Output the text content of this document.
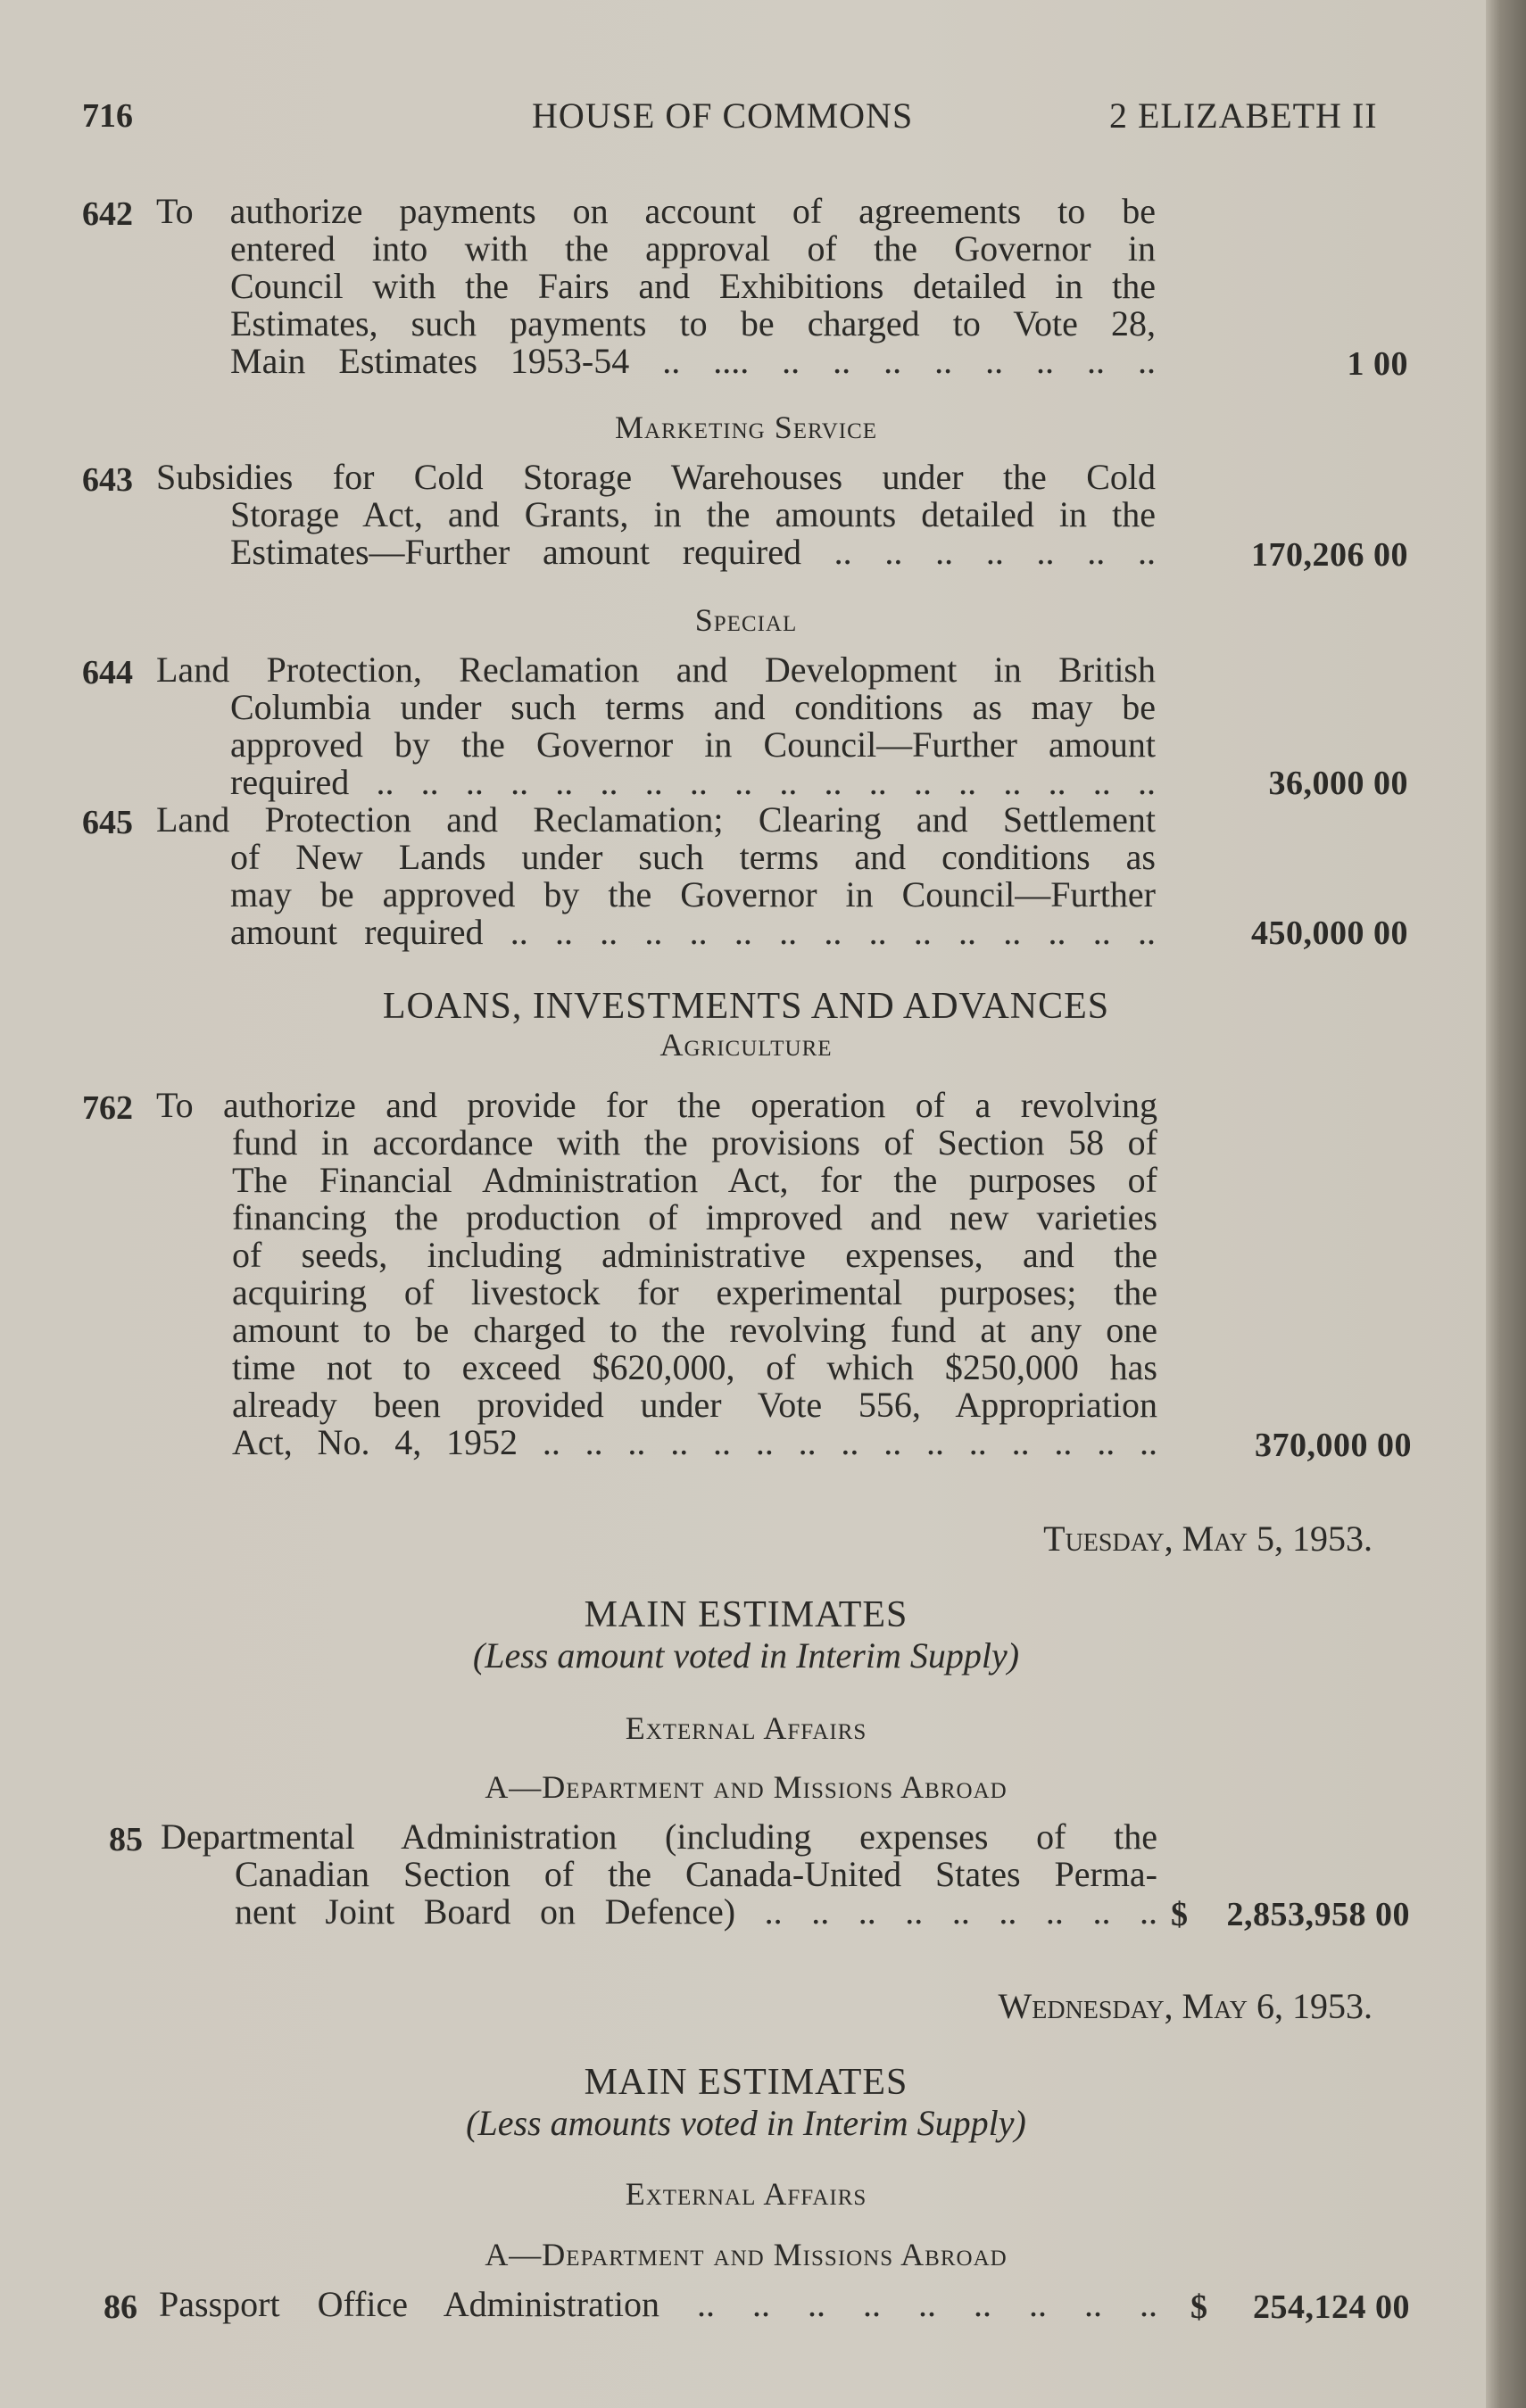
716	HOUSE OF COMMONS	2 ELIZABETH II
642 To authorize payments on account of agreements to be
entered into with the approval of the Governor in
Council with the Fairs and Exhibitions detailed in the
Estimates, such payments to be charged to Vote 28,
Main Estimates 1953-54 .. .... .. .. .. .. .. .. .. ..	1 00
Marketing Service
643 Subsidies for Cold Storage Warehouses under the Cold
Storage Act, and Grants, in the amounts detailed in the
Estimates—Further amount required .. .. .. .. .. .. ..	170,206 00
Special
644 Land Protection, Reclamation and Development in British
Columbia under such terms and conditions as may be
approved by the Governor in Council—Further amount
required .. .. .. .. .. .. .. .. .. .. .. .. .. .. .. .. .. ..	36,000 00
645 Land Protection and Reclamation; Clearing and Settlement
of New Lands under such terms and conditions as
may be approved by the Governor in Council—Further
amount required .. .. .. .. .. .. .. .. .. .. .. .. .. .. ..	450,000 00
LOANS, INVESTMENTS AND ADVANCES
Agriculture
762 To authorize and provide for the operation of a revolving
fund in accordance with the provisions of Section 58 of
The Financial Administration Act, for the purposes of
financing the production of improved and new varieties
of seeds, including administrative expenses, and the
acquiring of livestock for experimental purposes; the
amount to be charged to the revolving fund at any one
time not to exceed $620,000, of which $250,000 has
already been provided under Vote 556, Appropriation
Act, No. 4, 1952 .. .. .. .. .. .. .. .. .. .. .. .. .. .. ..	370,000 00
Tuesday, May 5, 1953.
MAIN ESTIMATES
(Less amount voted in Interim Supply)
External Affairs
A—Department and Missions Abroad
85 Departmental Administration (including expenses of the
Canadian Section of the Canada-United States Perma-
nent Joint Board on Defence) .. .. .. .. .. .. .. .. .. $ 2,853,958 00
Wednesday, May 6, 1953.
MAIN ESTIMATES
(Less amounts voted in Interim Supply)
External Affairs
A—Department and Missions Abroad
86 Passport Office Administration .. .. .. .. .. .. .. .. .. $ 254,124 00
